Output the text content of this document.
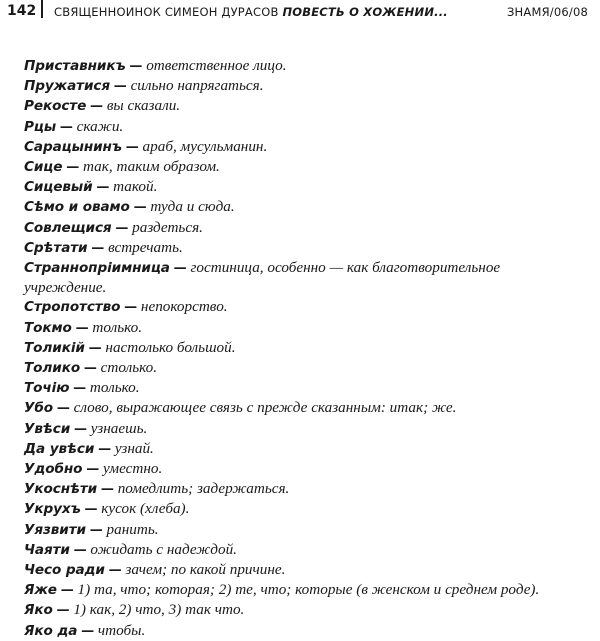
142 СВЯЩЕННОИНОК СИМЕОН ДУРАСОВ ПОВЕСТЬ О ХОЖЕНИИ...	ЗНАМЯ/06/08

Приставникъ — ответственное лицо.

Пружатися — сильно напрягаться.

Рекосте — вы сказали.

Рцы — скажи.

Сарацынинъ — араб, мусульманин.

Сице — так, таким образом.

Сицевый — такой.

Сѣмо и овамо — туда и сюда.

Совлещися — раздеться.

Срѣтати — встречать.

Страннопріимница — гостиница, особенно — как благотворительное учреждение.

Стропотство — непокорство.

Токмо — только.

Толикій — настолько большой.

Толико — столько.

Точію — только.

Убо — слово, выражающее связь с прежде сказанным: итак; же.

Увѣси — узнаешь.

Да увѣси — узнай.

Удобно — уместно.

Укоснѣти — помедлить; задержаться.

Укрухъ — кусок (хлеба).

Уязвити — ранить.

Чаяти — ожидать с надеждой.

Чесо ради — зачем; по какой причине.

Яже — 1) та, что; которая; 2) те, что; которые (в женском и среднем роде).

Яко — 1) как, 2) что, 3) так что.

Яко да — чтобы.
